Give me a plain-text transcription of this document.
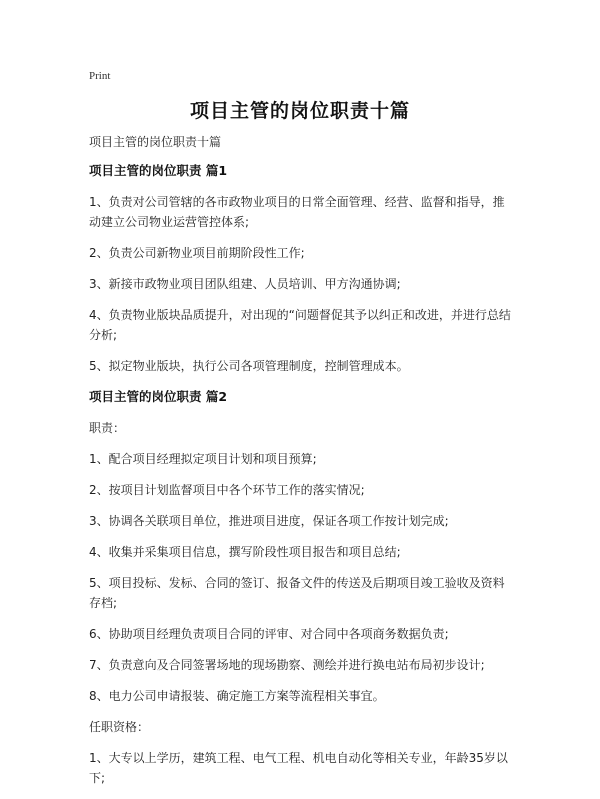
Print
项目主管的岗位职责十篇

项目主管的岗位职责十篇

项目主管的岗位职责 篇1

1、负责对公司管辖的各市政物业项目的日常全面管理、经营、监督和指导，推动建立公司物业运营管控体系;

2、负责公司新物业项目前期阶段性工作;

3、新接市政物业项目团队组建、人员培训、甲方沟通协调;

4、负责物业版块品质提升，对出现的“问题督促其予以纠正和改进，并进行总结分析;

5、拟定物业版块，执行公司各项管理制度，控制管理成本。

项目主管的岗位职责 篇2

职责：

1、配合项目经理拟定项目计划和项目预算;

2、按项目计划监督项目中各个环节工作的落实情况;

3、协调各关联项目单位，推进项目进度，保证各项工作按计划完成;

4、收集并采集项目信息，撰写阶段性项目报告和项目总结;

5、项目投标、发标、合同的签订、报备文件的传送及后期项目竣工验收及资料存档;

6、协助项目经理负责项目合同的评审、对合同中各项商务数据负责;

7、负责意向及合同签署场地的现场勘察、测绘并进行换电站布局初步设计;

8、电力公司申请报装、确定施工方案等流程相关事宜。

任职资格：

1、大专以上学历，建筑工程、电气工程、机电自动化等相关专业，年龄35岁以下;
